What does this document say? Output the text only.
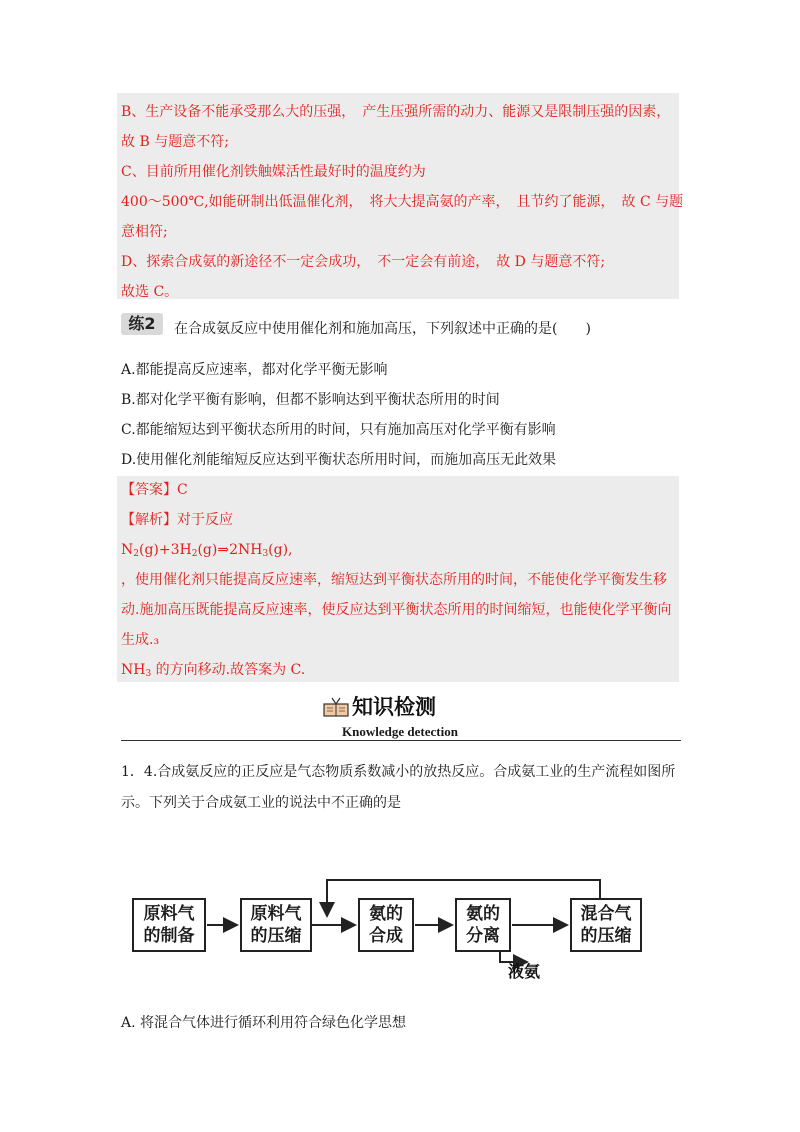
B、生产设备不能承受那么大的压强，　产生压强所需的动力、能源又是限制压强的因素，
故 B 与题意不符;
C、目前所用催化剂铁触媒活性最好时的温度约为
400～500℃,如能研制出低温催化剂，　将大大提高氨的产率，　且节约了能源，　故 C 与题
意相符;
D、探索合成氨的新途径不一定会成功，　不一定会有前途，　故 D 与题意不符;
故选 C。
练2	在合成氨反应中使用催化剂和施加高压，下列叙述中正确的是(　　)
A.都能提高反应速率，都对化学平衡无影响
B.都对化学平衡有影响，但都不影响达到平衡状态所用的时间
C.都能缩短达到平衡状态所用的时间，只有施加高压对化学平衡有影响
D.使用催化剂能缩短反应达到平衡状态所用时间，而施加高压无此效果
【答案】C
【解析】对于反应
$N_2(g)+3H_2(g)\Rightarrow 2NH_3(g)$,
，使用催化剂只能提高反应速率，缩短达到平衡状态所用的时间，不能使化学平衡发生移
动.施加高压既能提高反应速率，使反应达到平衡状态所用的时间缩短，也能使化学平衡向
生成.₃
$NH_3$ 的方向移动.故答案为 C.
知识检测
Knowledge detection
1．4.合成氨反应的正反应是气态物质系数减小的放热反应。合成氨工业的生产流程如图所
示。下列关于合成氨工业的说法中不正确的是
原料气
的制备
原料气
的压缩
氨的
合成
氨的
分离
混合气
的压缩
液氨
A. 将混合气体进行循环利用符合绿色化学思想
